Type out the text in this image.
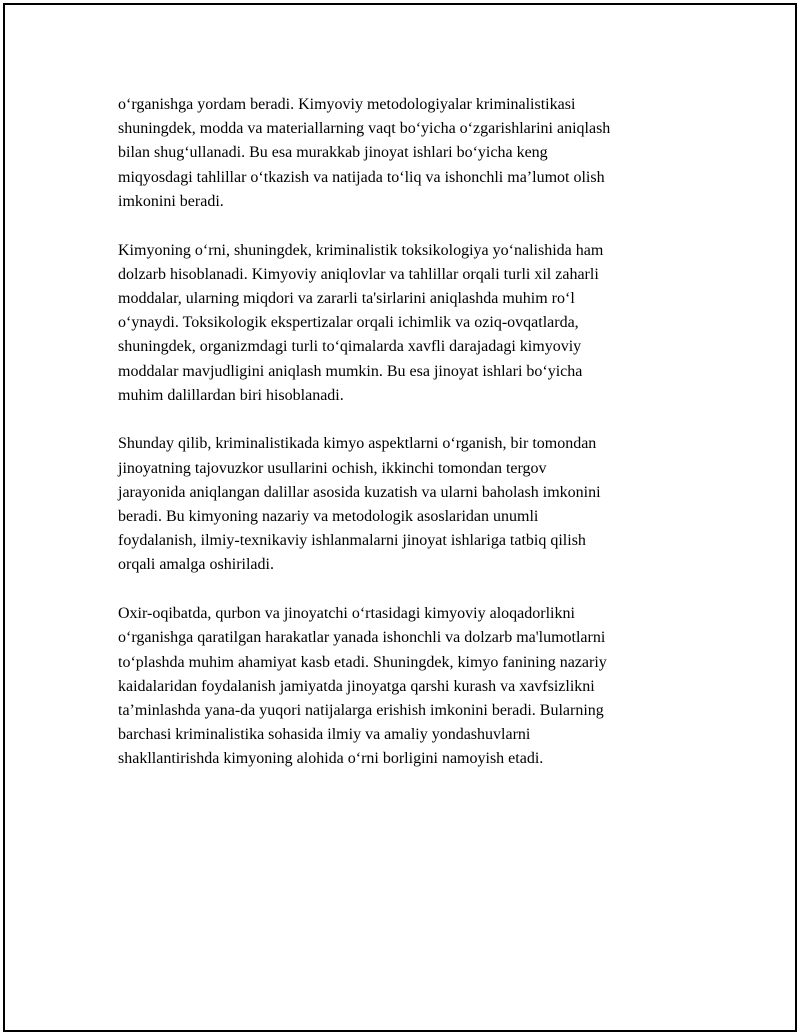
o‘rganishga yordam beradi. Kimyoviy metodologiyalar kriminalistikasi
shuningdek, modda va materiallarning vaqt bo‘yicha o‘zgarishlarini aniqlash
bilan shug‘ullanadi. Bu esa murakkab jinoyat ishlari bo‘yicha keng
miqyosdagi tahlillar o‘tkazish va natijada to‘liq va ishonchli ma’lumot olish
imkonini beradi.

Kimyoning o‘rni, shuningdek, kriminalistik toksikologiya yo‘nalishida ham
dolzarb hisoblanadi. Kimyoviy aniqlovlar va tahlillar orqali turli xil zaharli
moddalar, ularning miqdori va zararli ta'sirlarini aniqlashda muhim ro‘l
o‘ynaydi. Toksikologik ekspertizalar orqali ichimlik va oziq-ovqatlarda,
shuningdek, organizmdagi turli to‘qimalarda xavfli darajadagi kimyoviy
moddalar mavjudligini aniqlash mumkin. Bu esa jinoyat ishlari bo‘yicha
muhim dalillardan biri hisoblanadi.

Shunday qilib, kriminalistikada kimyo aspektlarni o‘rganish, bir tomondan
jinoyatning tajovuzkor usullarini ochish, ikkinchi tomondan tergov
jarayonida aniqlangan dalillar asosida kuzatish va ularni baholash imkonini
beradi. Bu kimyoning nazariy va metodologik asoslaridan unumli
foydalanish, ilmiy-texnikaviy ishlanmalarni jinoyat ishlariga tatbiq qilish
orqali amalga oshiriladi.

Oxir-oqibatda, qurbon va jinoyatchi o‘rtasidagi kimyoviy aloqadorlikni
o‘rganishga qaratilgan harakatlar yanada ishonchli va dolzarb ma'lumotlarni
to‘plashda muhim ahamiyat kasb etadi. Shuningdek, kimyo fanining nazariy
kaidalaridan foydalanish jamiyatda jinoyatga qarshi kurash va xavfsizlikni
ta’minlashda yana-da yuqori natijalarga erishish imkonini beradi. Bularning
barchasi kriminalistika sohasida ilmiy va amaliy yondashuvlarni
shakllantirishda kimyoning alohida o‘rni borligini namoyish etadi.
